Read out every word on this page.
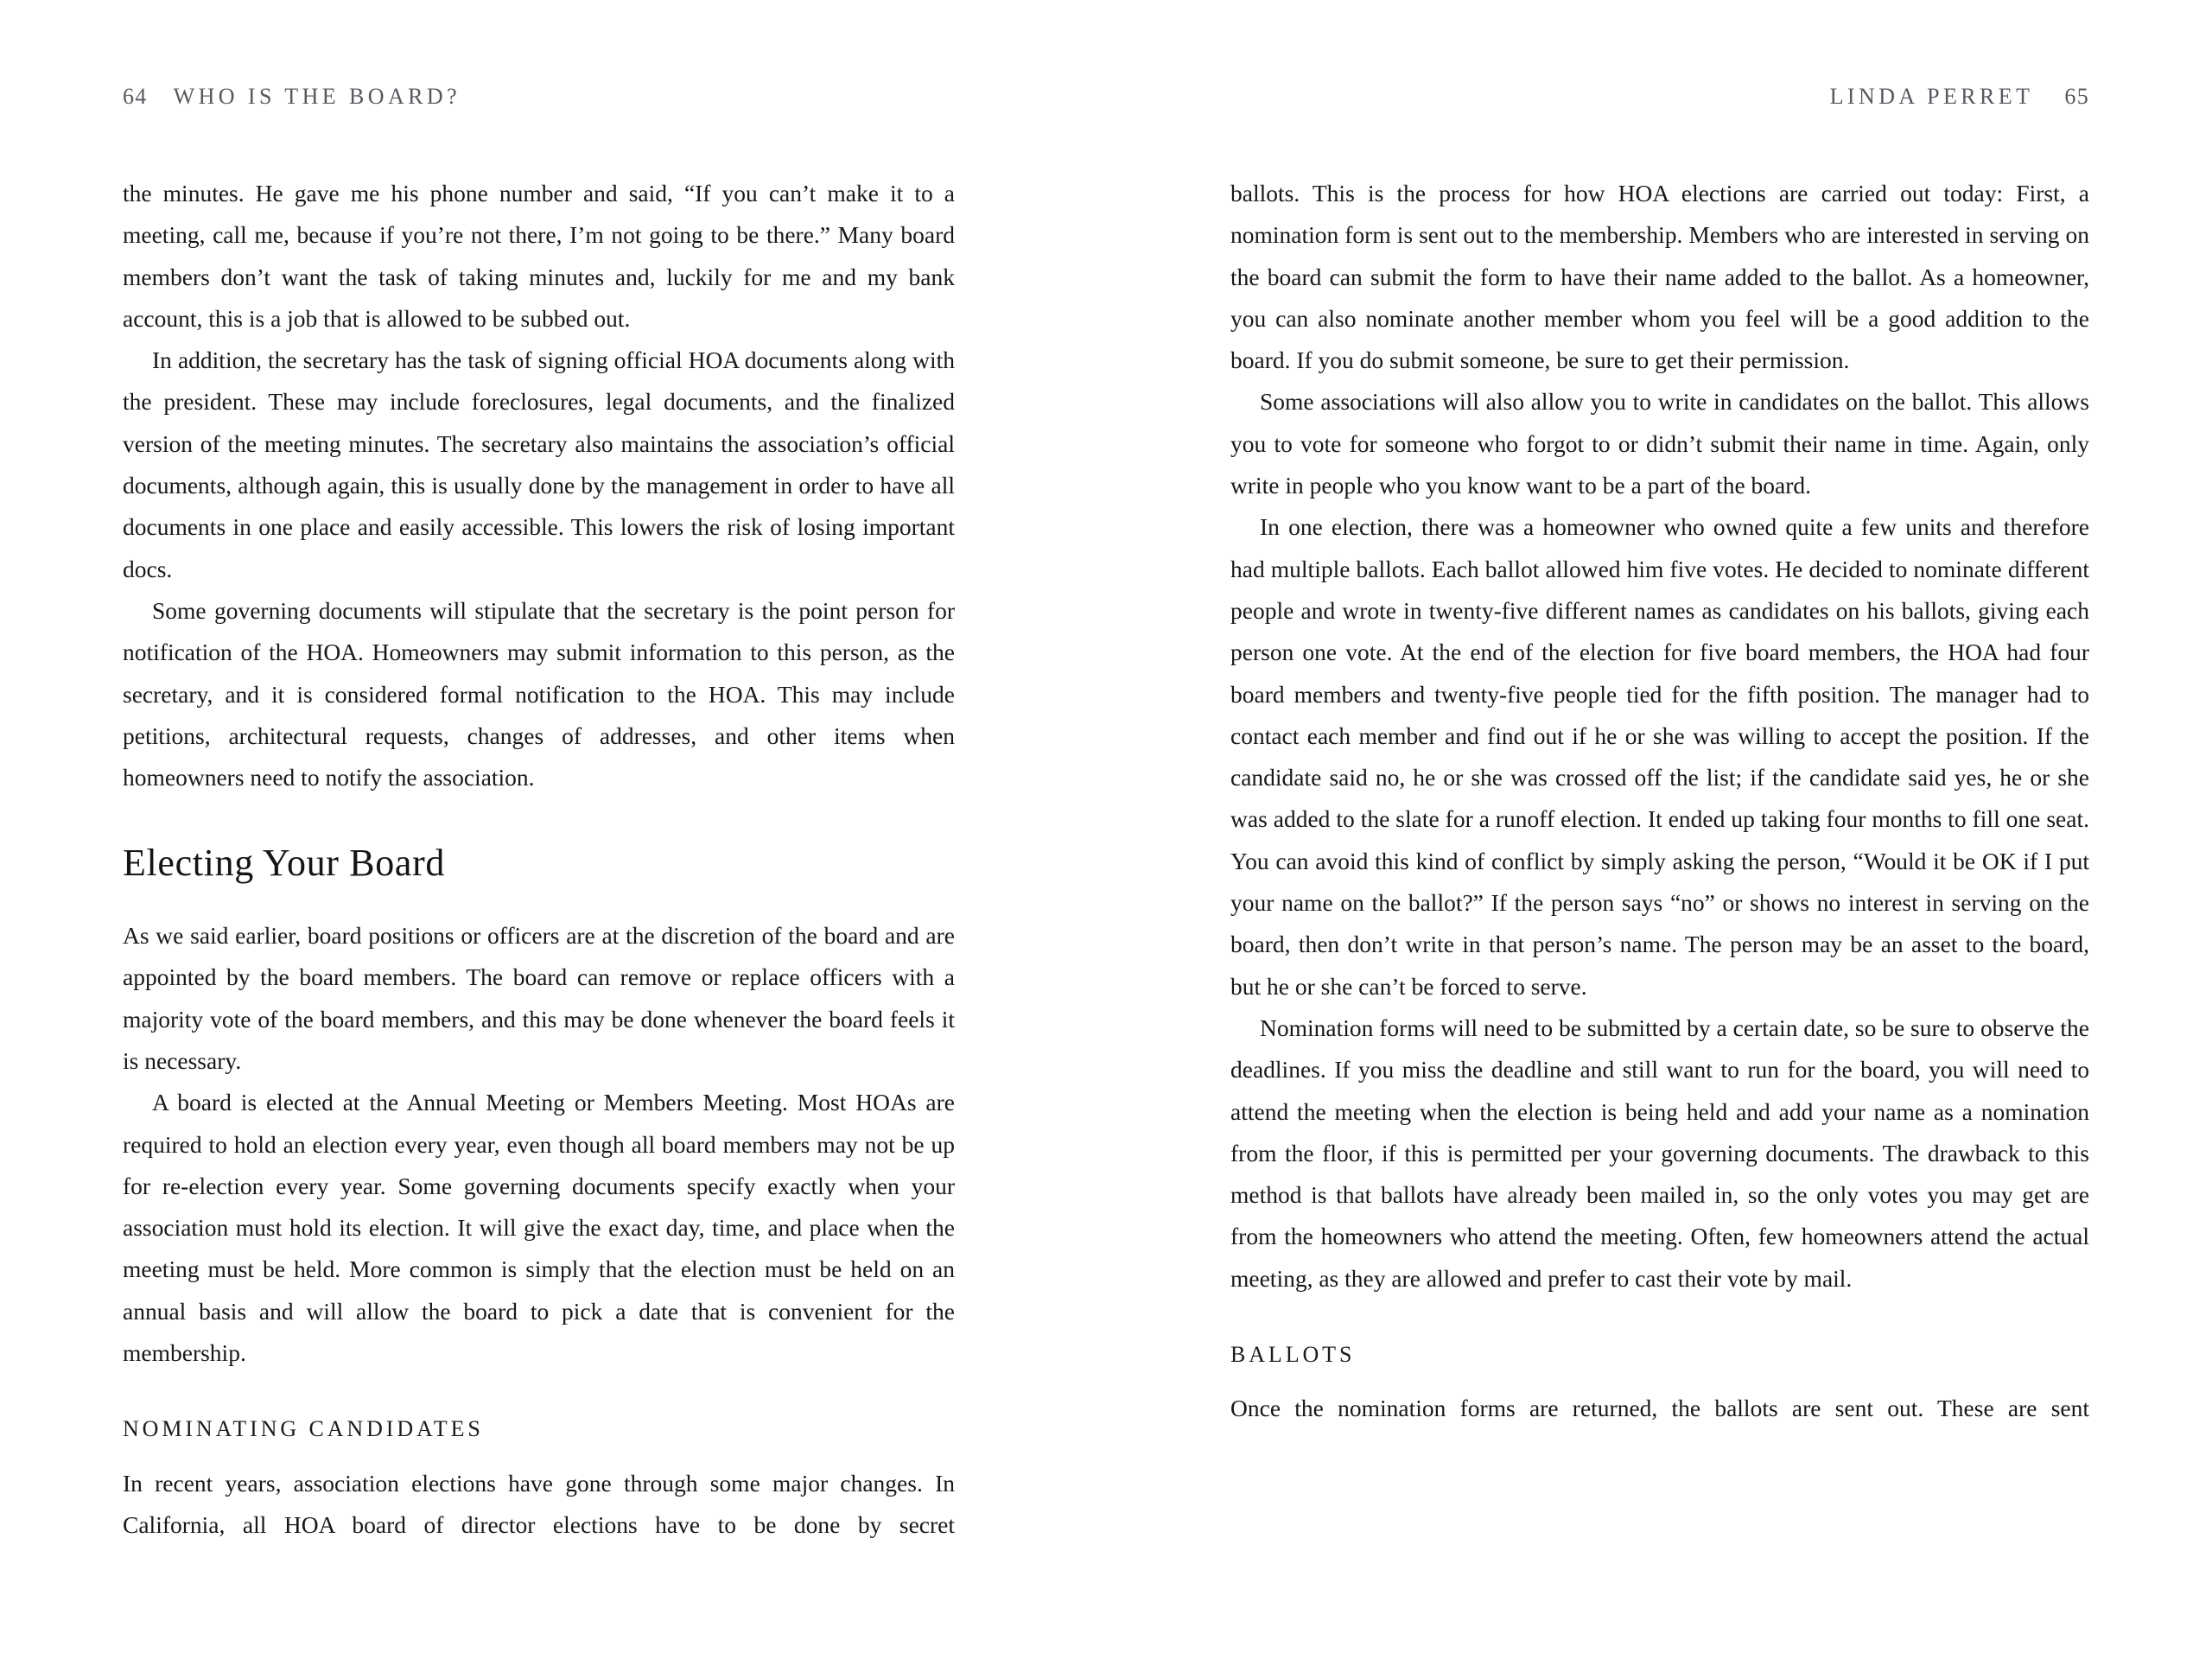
64 WHO IS THE BOARD?

the minutes. He gave me his phone number and said, “If you can’t make it to a meeting, call me, because if you’re not there, I’m not going to be there.” Many board members don’t want the task of taking minutes and, luckily for me and my bank account, this is a job that is allowed to be subbed out.

In addition, the secretary has the task of signing official HOA documents along with the president. These may include foreclosures, legal documents, and the finalized version of the meeting minutes. The secretary also maintains the association’s official documents, although again, this is usually done by the management in order to have all documents in one place and easily accessible. This lowers the risk of losing important docs.

Some governing documents will stipulate that the secretary is the point person for notification of the HOA. Homeowners may submit information to this person, as the secretary, and it is considered formal notification to the HOA. This may include petitions, architectural requests, changes of addresses, and other items when homeowners need to notify the association.

Electing Your Board

As we said earlier, board positions or officers are at the discretion of the board and are appointed by the board members. The board can remove or replace officers with a majority vote of the board members, and this may be done whenever the board feels it is necessary.

A board is elected at the Annual Meeting or Members Meeting. Most HOAs are required to hold an election every year, even though all board members may not be up for re-election every year. Some governing documents specify exactly when your association must hold its election. It will give the exact day, time, and place when the meeting must be held. More common is simply that the election must be held on an annual basis and will allow the board to pick a date that is convenient for the membership.

NOMINATING CANDIDATES

In recent years, association elections have gone through some major changes. In California, all HOA board of director elections have to be done by secret

LINDA PERRET 65

ballots. This is the process for how HOA elections are carried out today: First, a nomination form is sent out to the membership. Members who are interested in serving on the board can submit the form to have their name added to the ballot. As a homeowner, you can also nominate another member whom you feel will be a good addition to the board. If you do submit someone, be sure to get their permission.

Some associations will also allow you to write in candidates on the ballot. This allows you to vote for someone who forgot to or didn’t submit their name in time. Again, only write in people who you know want to be a part of the board.

In one election, there was a homeowner who owned quite a few units and therefore had multiple ballots. Each ballot allowed him five votes. He decided to nominate different people and wrote in twenty-five different names as candidates on his ballots, giving each person one vote. At the end of the election for five board members, the HOA had four board members and twenty-five people tied for the fifth position. The manager had to contact each member and find out if he or she was willing to accept the position. If the candidate said no, he or she was crossed off the list; if the candidate said yes, he or she was added to the slate for a runoff election. It ended up taking four months to fill one seat. You can avoid this kind of conflict by simply asking the person, “Would it be OK if I put your name on the ballot?” If the person says “no” or shows no interest in serving on the board, then don’t write in that person’s name. The person may be an asset to the board, but he or she can’t be forced to serve.

Nomination forms will need to be submitted by a certain date, so be sure to observe the deadlines. If you miss the deadline and still want to run for the board, you will need to attend the meeting when the election is being held and add your name as a nomination from the floor, if this is permitted per your governing documents. The drawback to this method is that ballots have already been mailed in, so the only votes you may get are from the homeowners who attend the meeting. Often, few homeowners attend the actual meeting, as they are allowed and prefer to cast their vote by mail.

BALLOTS

Once the nomination forms are returned, the ballots are sent out. These are sent
